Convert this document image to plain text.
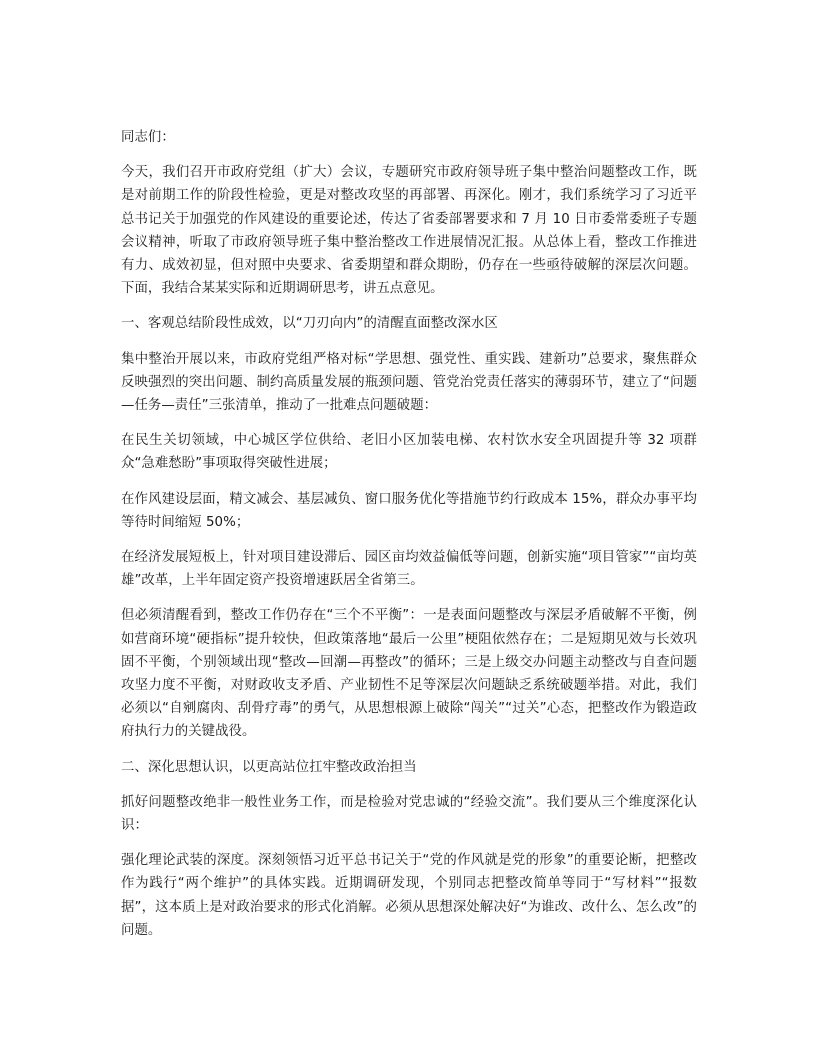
同志们：

今天，我们召开市政府党组（扩大）会议，专题研究市政府领导班子集中整治问题整改工作，既是对前期工作的阶段性检验，更是对整改攻坚的再部署、再深化。刚才，我们系统学习了习近平总书记关于加强党的作风建设的重要论述，传达了省委部署要求和 7 月 10 日市委常委班子专题会议精神，听取了市政府领导班子集中整治整改工作进展情况汇报。从总体上看，整改工作推进有力、成效初显，但对照中央要求、省委期望和群众期盼，仍存在一些亟待破解的深层次问题。下面，我结合某某实际和近期调研思考，讲五点意见。

一、客观总结阶段性成效，以“刀刃向内”的清醒直面整改深水区

集中整治开展以来，市政府党组严格对标“学思想、强党性、重实践、建新功”总要求，聚焦群众反映强烈的突出问题、制约高质量发展的瓶颈问题、管党治党责任落实的薄弱环节，建立了“问题—任务—责任”三张清单，推动了一批难点问题破题：

在民生关切领域，中心城区学位供给、老旧小区加装电梯、农村饮水安全巩固提升等 32 项群众“急难愁盼”事项取得突破性进展；

在作风建设层面，精文减会、基层减负、窗口服务优化等措施节约行政成本 15%，群众办事平均等待时间缩短 50%；

在经济发展短板上，针对项目建设滞后、园区亩均效益偏低等问题，创新实施“项目管家”“亩均英雄”改革，上半年固定资产投资增速跃居全省第三。

但必须清醒看到，整改工作仍存在“三个不平衡”：一是表面问题整改与深层矛盾破解不平衡，例如营商环境“硬指标”提升较快，但政策落地“最后一公里”梗阻依然存在；二是短期见效与长效巩固不平衡，个别领域出现“整改—回潮—再整改”的循环；三是上级交办问题主动整改与自查问题攻坚力度不平衡，对财政收支矛盾、产业韧性不足等深层次问题缺乏系统破题举措。对此，我们必须以“自剜腐肉、刮骨疗毒”的勇气，从思想根源上破除“闯关”“过关”心态，把整改作为锻造政府执行力的关键战役。

二、深化思想认识，以更高站位扛牢整改政治担当

抓好问题整改绝非一般性业务工作，而是检验对党忠诚的“经验交流”。我们要从三个维度深化认识：

强化理论武装的深度。深刻领悟习近平总书记关于“党的作风就是党的形象”的重要论断，把整改作为践行“两个维护”的具体实践。近期调研发现，个别同志把整改简单等同于“写材料”“报数据”，这本质上是对政治要求的形式化消解。必须从思想深处解决好“为谁改、改什么、怎么改”的问题。
